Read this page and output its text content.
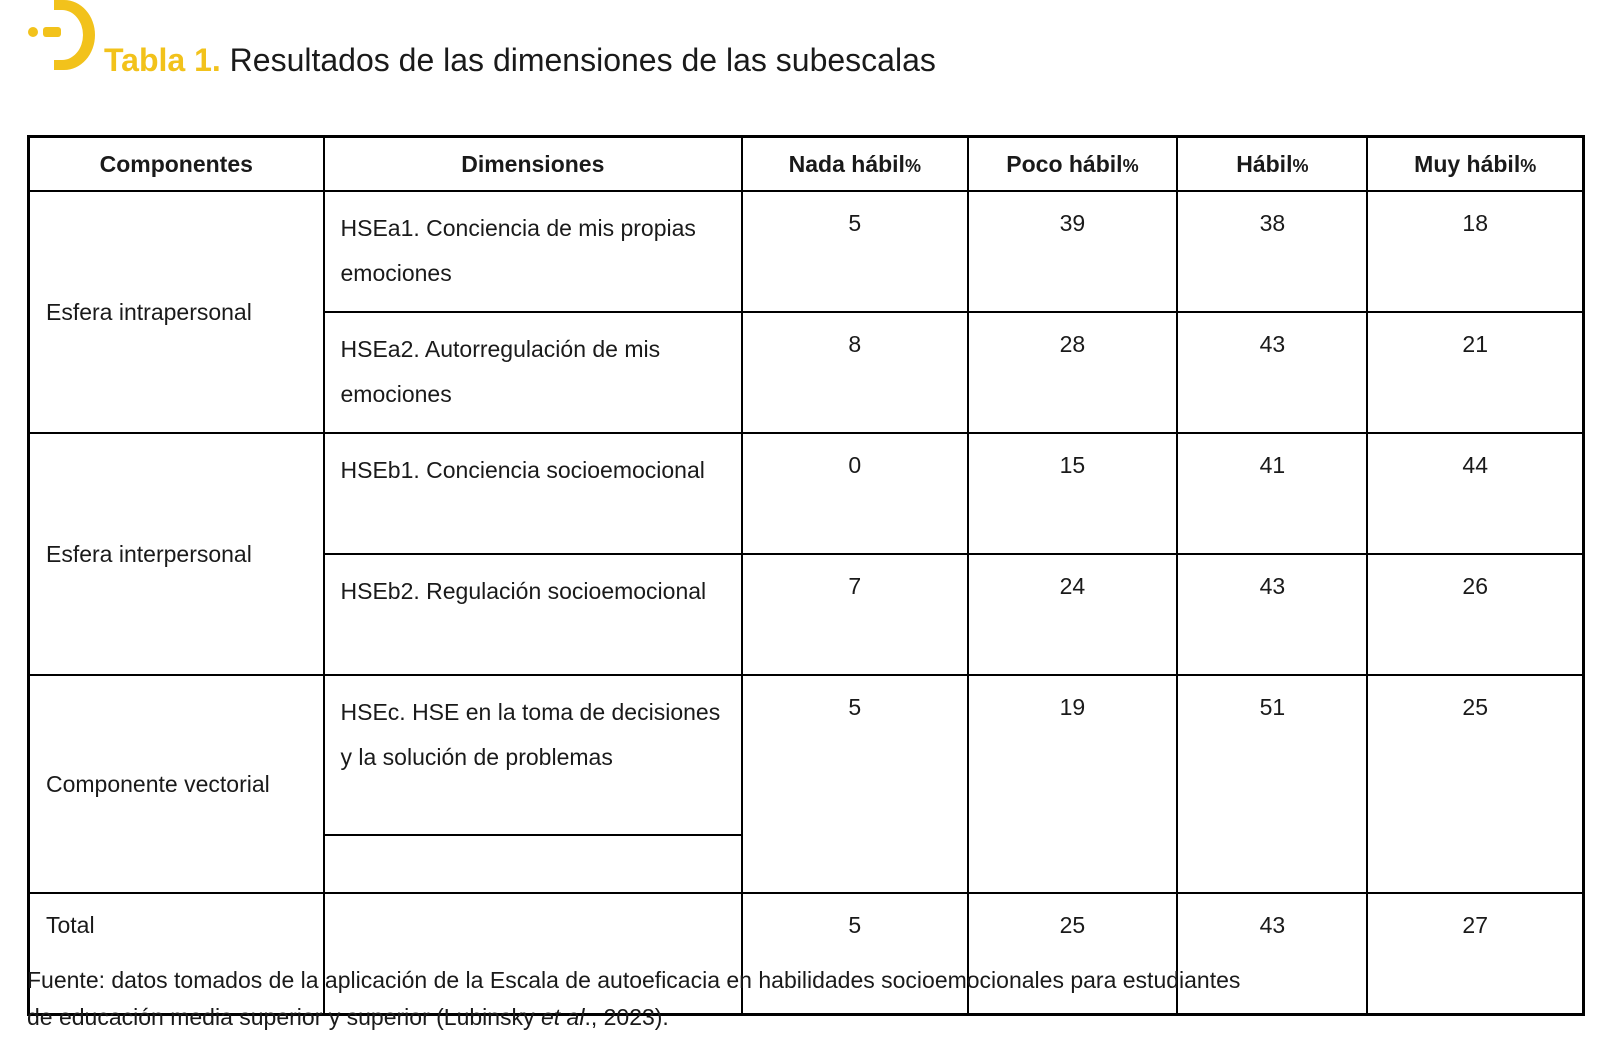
Tabla 1. Resultados de las dimensiones de las subescalas
Componentes	Dimensiones	Nada hábil%	Poco hábil%	Hábil%	Muy hábil%
Esfera intrapersonal	HSEa1. Conciencia de mis propias emociones	5	39	38	18
	HSEa2. Autorregulación de mis emociones	8	28	43	21
Esfera interpersonal	HSEb1. Conciencia socioemocional	0	15	41	44
	HSEb2. Regulación socioemocional	7	24	43	26
Componente vectorial	HSEc. HSE en la toma de decisiones y la solución de problemas	5	19	51	25

Total		5	25	43	27
Fuente: datos tomados de la aplicación de la Escala de autoeficacia en habilidades socioemocionales para estudiantes de educación media superior y superior (Lubinsky et al., 2023).
